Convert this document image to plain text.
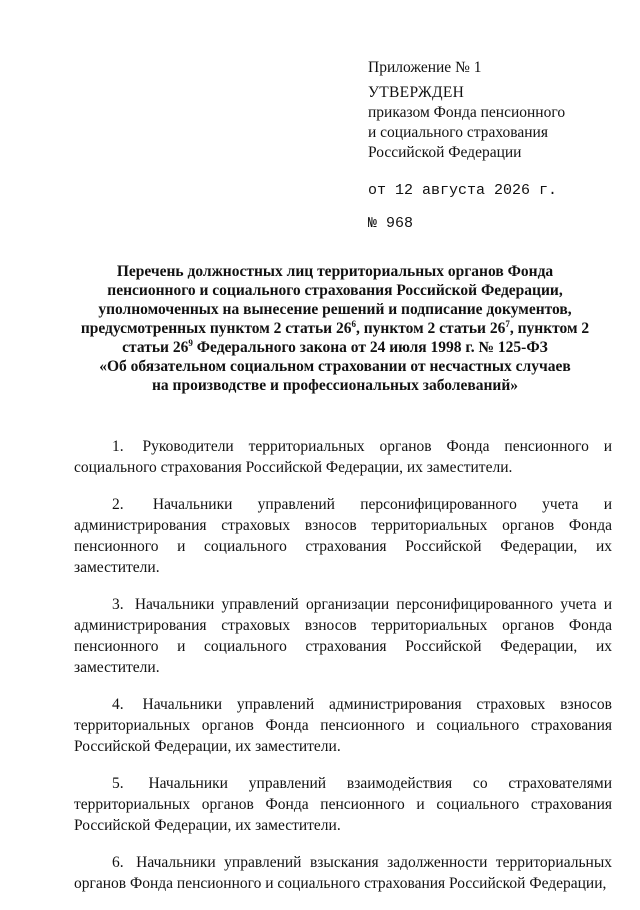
Приложение № 1
УТВЕРЖДЕН
приказом Фонда пенсионного
и социального страхования
Российской Федерации
от 12 августа 2026 г.
№ 968
Перечень должностных лиц территориальных органов Фонда
пенсионного и социального страхования Российской Федерации,
уполномоченных на вынесение решений и подписание документов,
предусмотренных пунктом 2 статьи $26^6$, пунктом 2 статьи $26^7$, пунктом 2
статьи $26^9$ Федерального закона от 24 июля 1998 г. № 125-ФЗ
«Об обязательном социальном страховании от несчастных случаев
на производстве и профессиональных заболеваний»

1. Руководители территориальных органов Фонда пенсионного и социального страхования Российской Федерации, их заместители.

2. Начальники управлений персонифицированного учета и администрирования страховых взносов территориальных органов Фонда пенсионного и социального страхования Российской Федерации, их заместители.

3. Начальники управлений организации персонифицированного учета и администрирования страховых взносов территориальных органов Фонда пенсионного и социального страхования Российской Федерации, их заместители.

4. Начальники управлений администрирования страховых взносов территориальных органов Фонда пенсионного и социального страхования Российской Федерации, их заместители.

5. Начальники управлений взаимодействия со страхователями территориальных органов Фонда пенсионного и социального страхования Российской Федерации, их заместители.

6. Начальники управлений взыскания задолженности территориальных органов Фонда пенсионного и социального страхования Российской Федерации,
